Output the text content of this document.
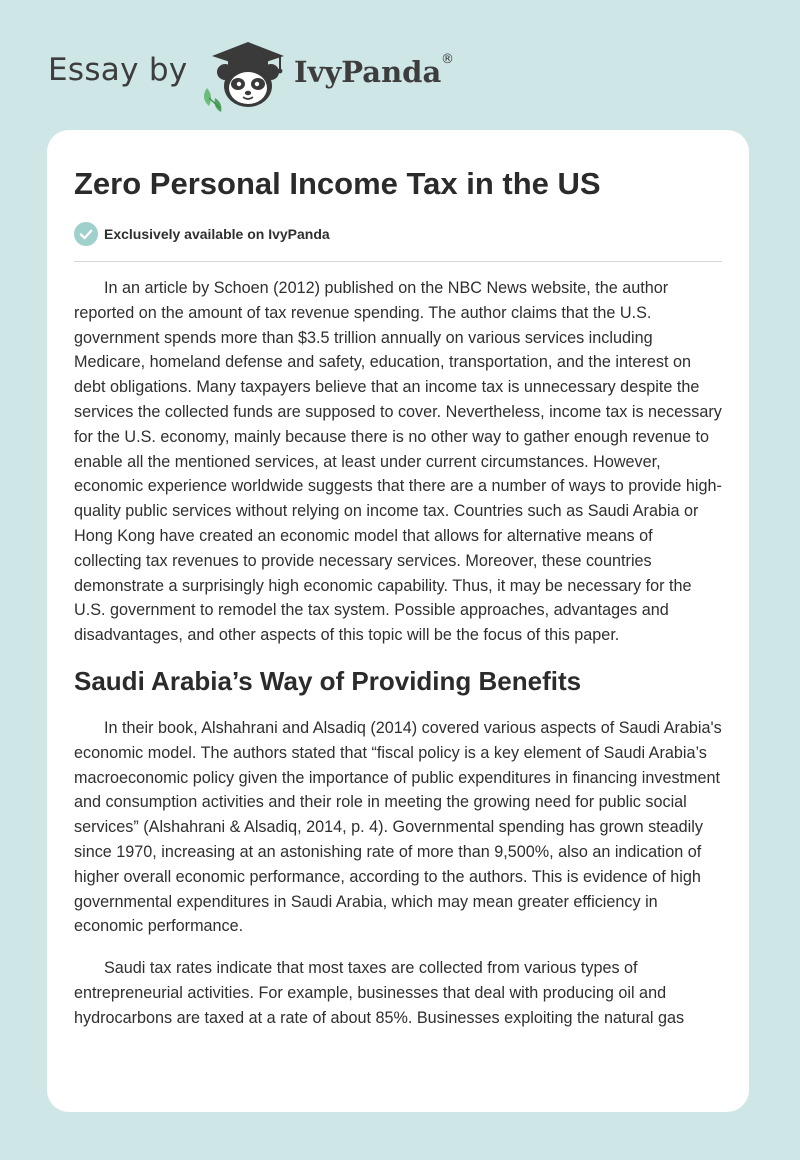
Essay by	IvyPanda ®
Zero Personal Income Tax in the US
Exclusively available on IvyPanda

In an article by Schoen (2012) published on the NBC News website, the author reported on the amount of tax revenue spending. The author claims that the U.S. government spends more than $3.5 trillion annually on various services including Medicare, homeland defense and safety, education, transportation, and the interest on debt obligations. Many taxpayers believe that an income tax is unnecessary despite the services the collected funds are supposed to cover. Nevertheless, income tax is necessary for the U.S. economy, mainly because there is no other way to gather enough revenue to enable all the mentioned services, at least under current circumstances. However, economic experience worldwide suggests that there are a number of ways to provide high-quality public services without relying on income tax. Countries such as Saudi Arabia or Hong Kong have created an economic model that allows for alternative means of collecting tax revenues to provide necessary services. Moreover, these countries demonstrate a surprisingly high economic capability. Thus, it may be necessary for the U.S. government to remodel the tax system. Possible approaches, advantages and disadvantages, and other aspects of this topic will be the focus of this paper.

Saudi Arabia’s Way of Providing Benefits

In their book, Alshahrani and Alsadiq (2014) covered various aspects of Saudi Arabia's economic model. The authors stated that “fiscal policy is a key element of Saudi Arabia’s macroeconomic policy given the importance of public expenditures in financing investment and consumption activities and their role in meeting the growing need for public social services” (Alshahrani & Alsadiq, 2014, p. 4). Governmental spending has grown steadily since 1970, increasing at an astonishing rate of more than 9,500%, also an indication of higher overall economic performance, according to the authors. This is evidence of high governmental expenditures in Saudi Arabia, which may mean greater efficiency in economic performance.

Saudi tax rates indicate that most taxes are collected from various types of entrepreneurial activities. For example, businesses that deal with producing oil and hydrocarbons are taxed at a rate of about 85%. Businesses exploiting the natural gas
